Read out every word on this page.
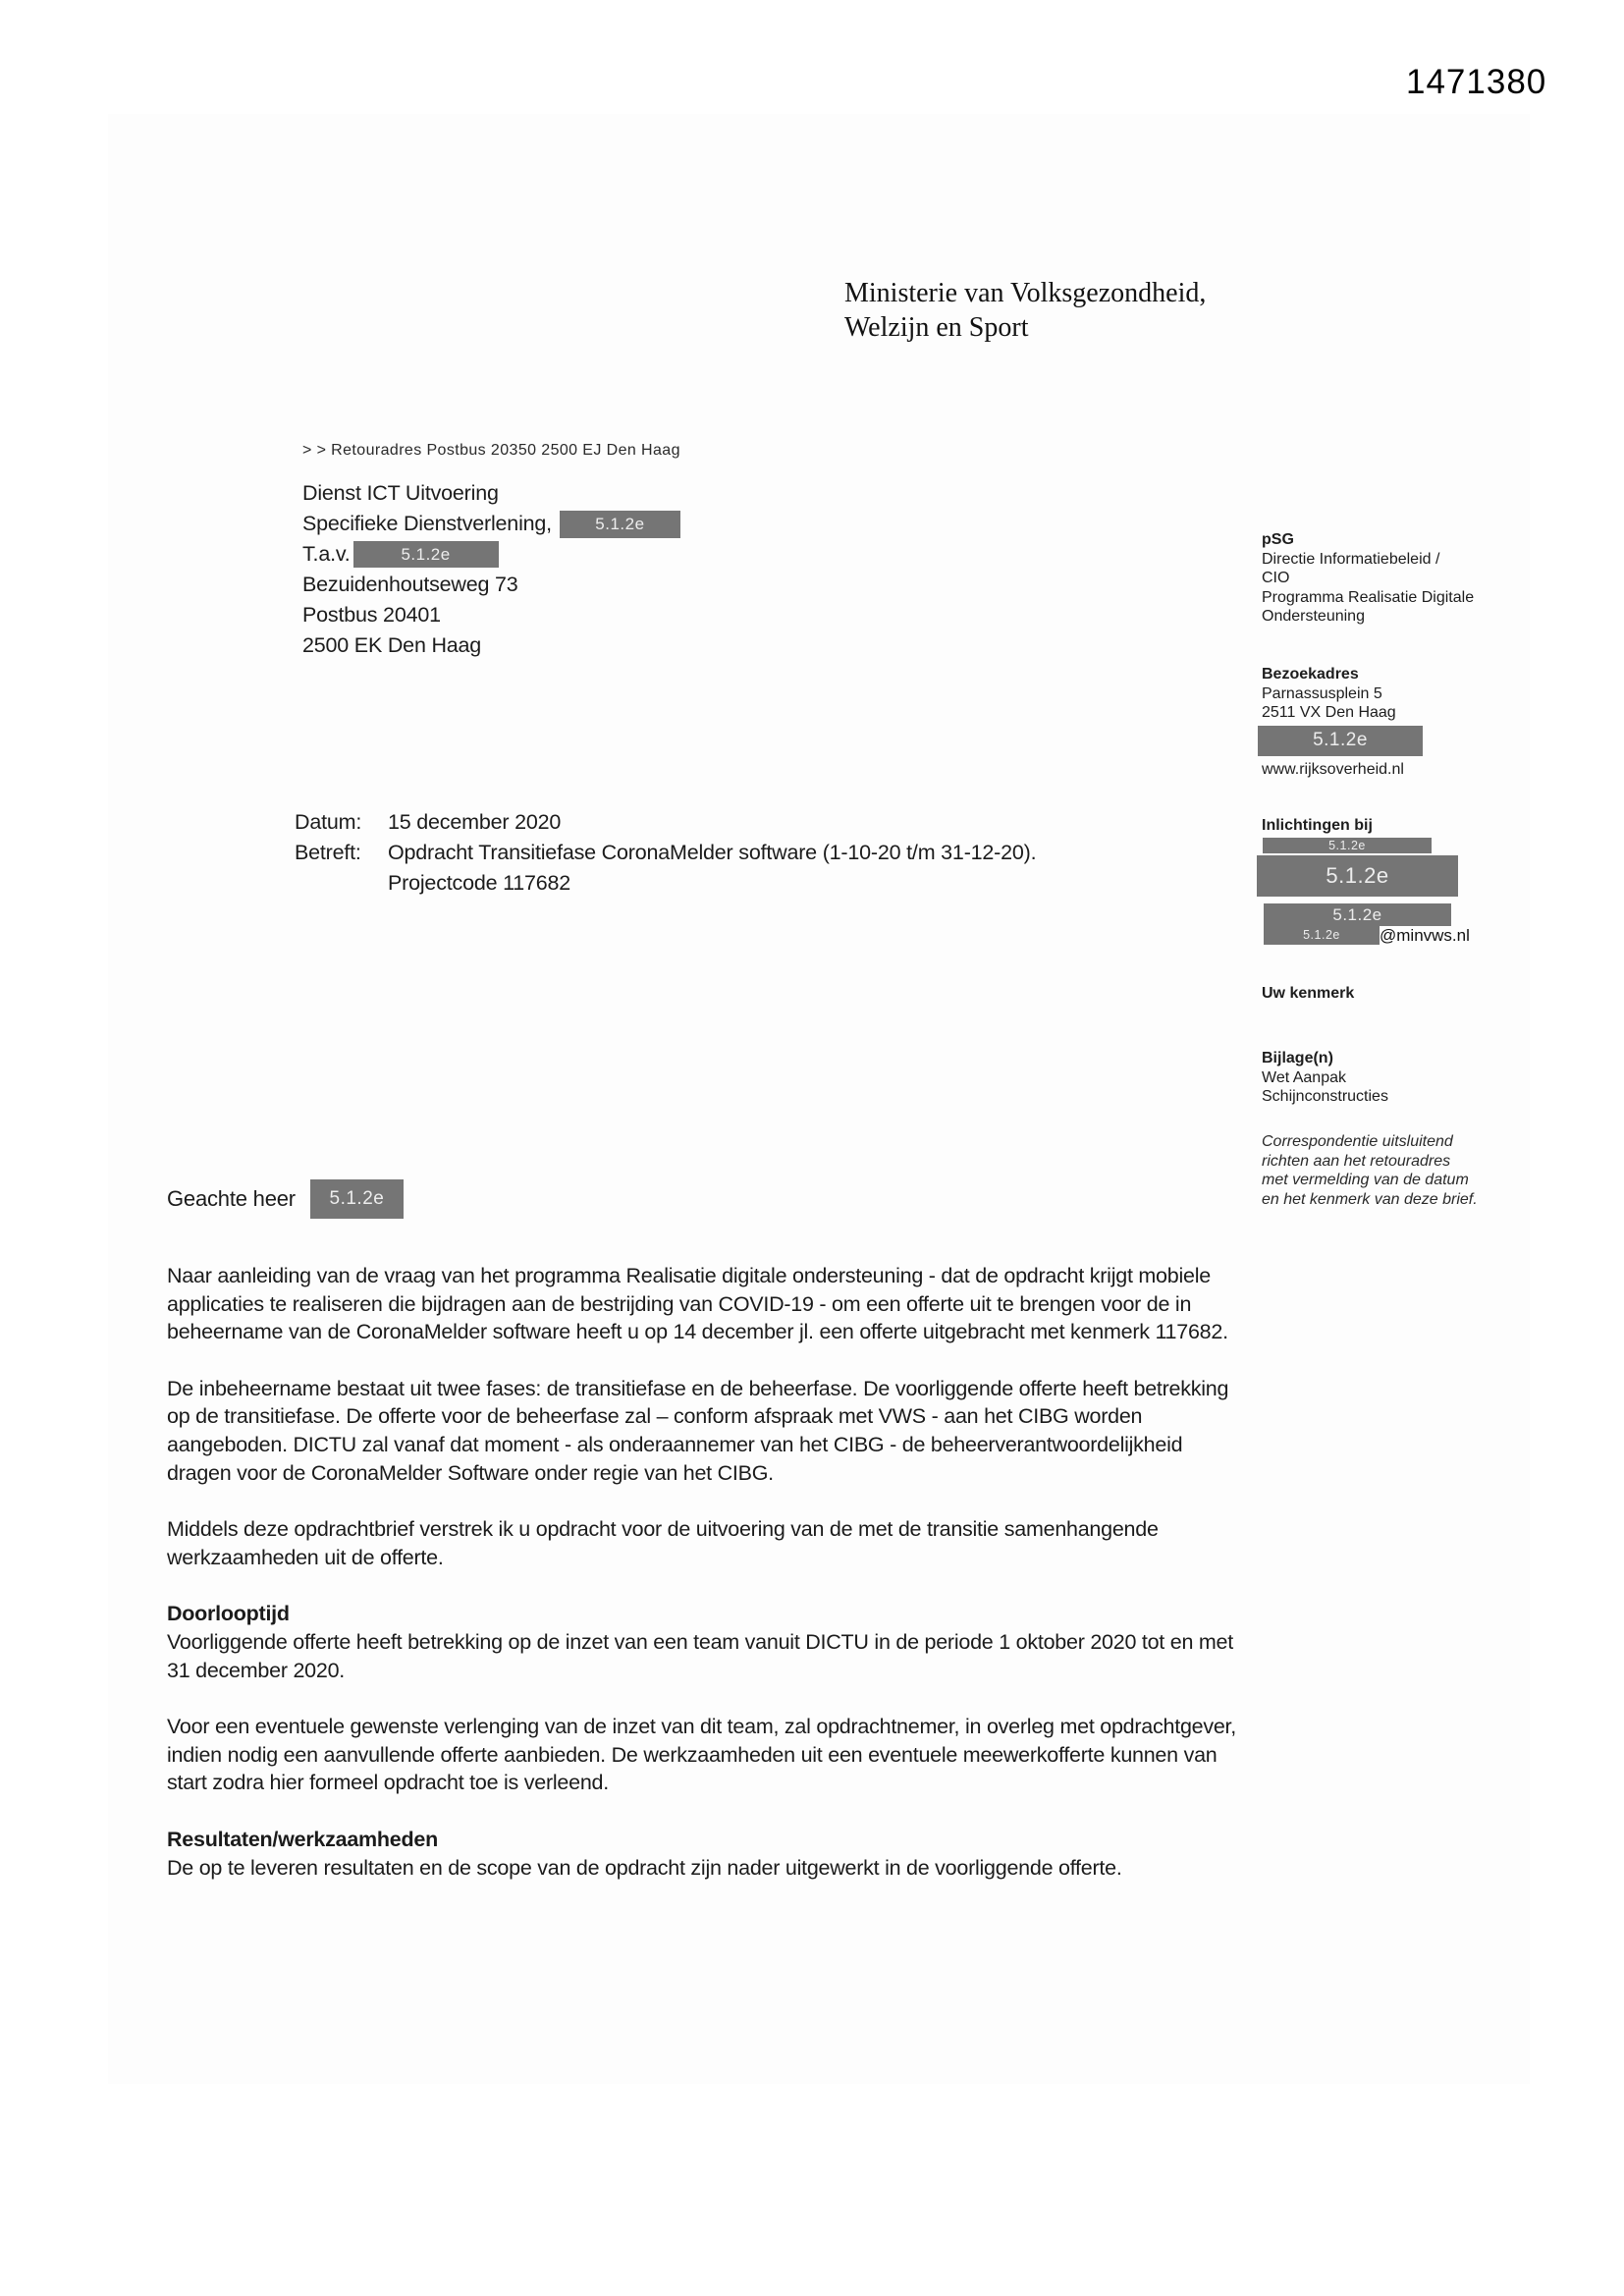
1471380
Ministerie van Volksgezondheid,
Welzijn en Sport
> > Retouradres Postbus 20350 2500 EJ Den Haag
Dienst ICT Uitvoering
Specifieke Dienstverlening,	5.1.2e
T.a.v.	5.1.2e
Bezuidenhoutseweg 73
Postbus 20401
2500 EK Den Haag
Datum:	15 december 2020
Betreft:	Opdracht Transitiefase CoronaMelder software (1-10-20 t/m 31-12-20).
Projectcode 117682
pSG
Directie Informatiebeleid /
CIO
Programma Realisatie Digitale
Ondersteuning
Bezoekadres
Parnassusplein 5
2511 VX Den Haag
5.1.2e
www.rijksoverheid.nl
Inlichtingen bij
5.1.2e 5.1.2e 5.1.2e
5.1.2e	@minvws.nl
Uw kenmerk
Bijlage(n)
Wet Aanpak
Schijnconstructies
Correspondentie uitsluitend richten aan het retouradres met vermelding van de datum en het kenmerk van deze brief.
Geachte heer	5.1.2e

Naar aanleiding van de vraag van het programma Realisatie digitale ondersteuning - dat de opdracht krijgt mobiele applicaties te realiseren die bijdragen aan de bestrijding van COVID-19 - om een offerte uit te brengen voor de in beheername van de CoronaMelder software heeft u op 14 december jl. een offerte uitgebracht met kenmerk 117682.

De inbeheername bestaat uit twee fases: de transitiefase en de beheerfase. De voorliggende offerte heeft betrekking op de transitiefase. De offerte voor de beheerfase zal – conform afspraak met VWS - aan het CIBG worden aangeboden. DICTU zal vanaf dat moment - als onderaannemer van het CIBG - de beheerverantwoordelijkheid dragen voor de CoronaMelder Software onder regie van het CIBG.

Middels deze opdrachtbrief verstrek ik u opdracht voor de uitvoering van de met de transitie samenhangende werkzaamheden uit de offerte.

Doorlooptijd

Voorliggende offerte heeft betrekking op de inzet van een team vanuit DICTU in de periode 1 oktober 2020 tot en met 31 december 2020.

Voor een eventuele gewenste verlenging van de inzet van dit team, zal opdrachtnemer, in overleg met opdrachtgever, indien nodig een aanvullende offerte aanbieden. De werkzaamheden uit een eventuele meewerkofferte kunnen van start zodra hier formeel opdracht toe is verleend.

Resultaten/werkzaamheden

De op te leveren resultaten en de scope van de opdracht zijn nader uitgewerkt in de voorliggende offerte.
